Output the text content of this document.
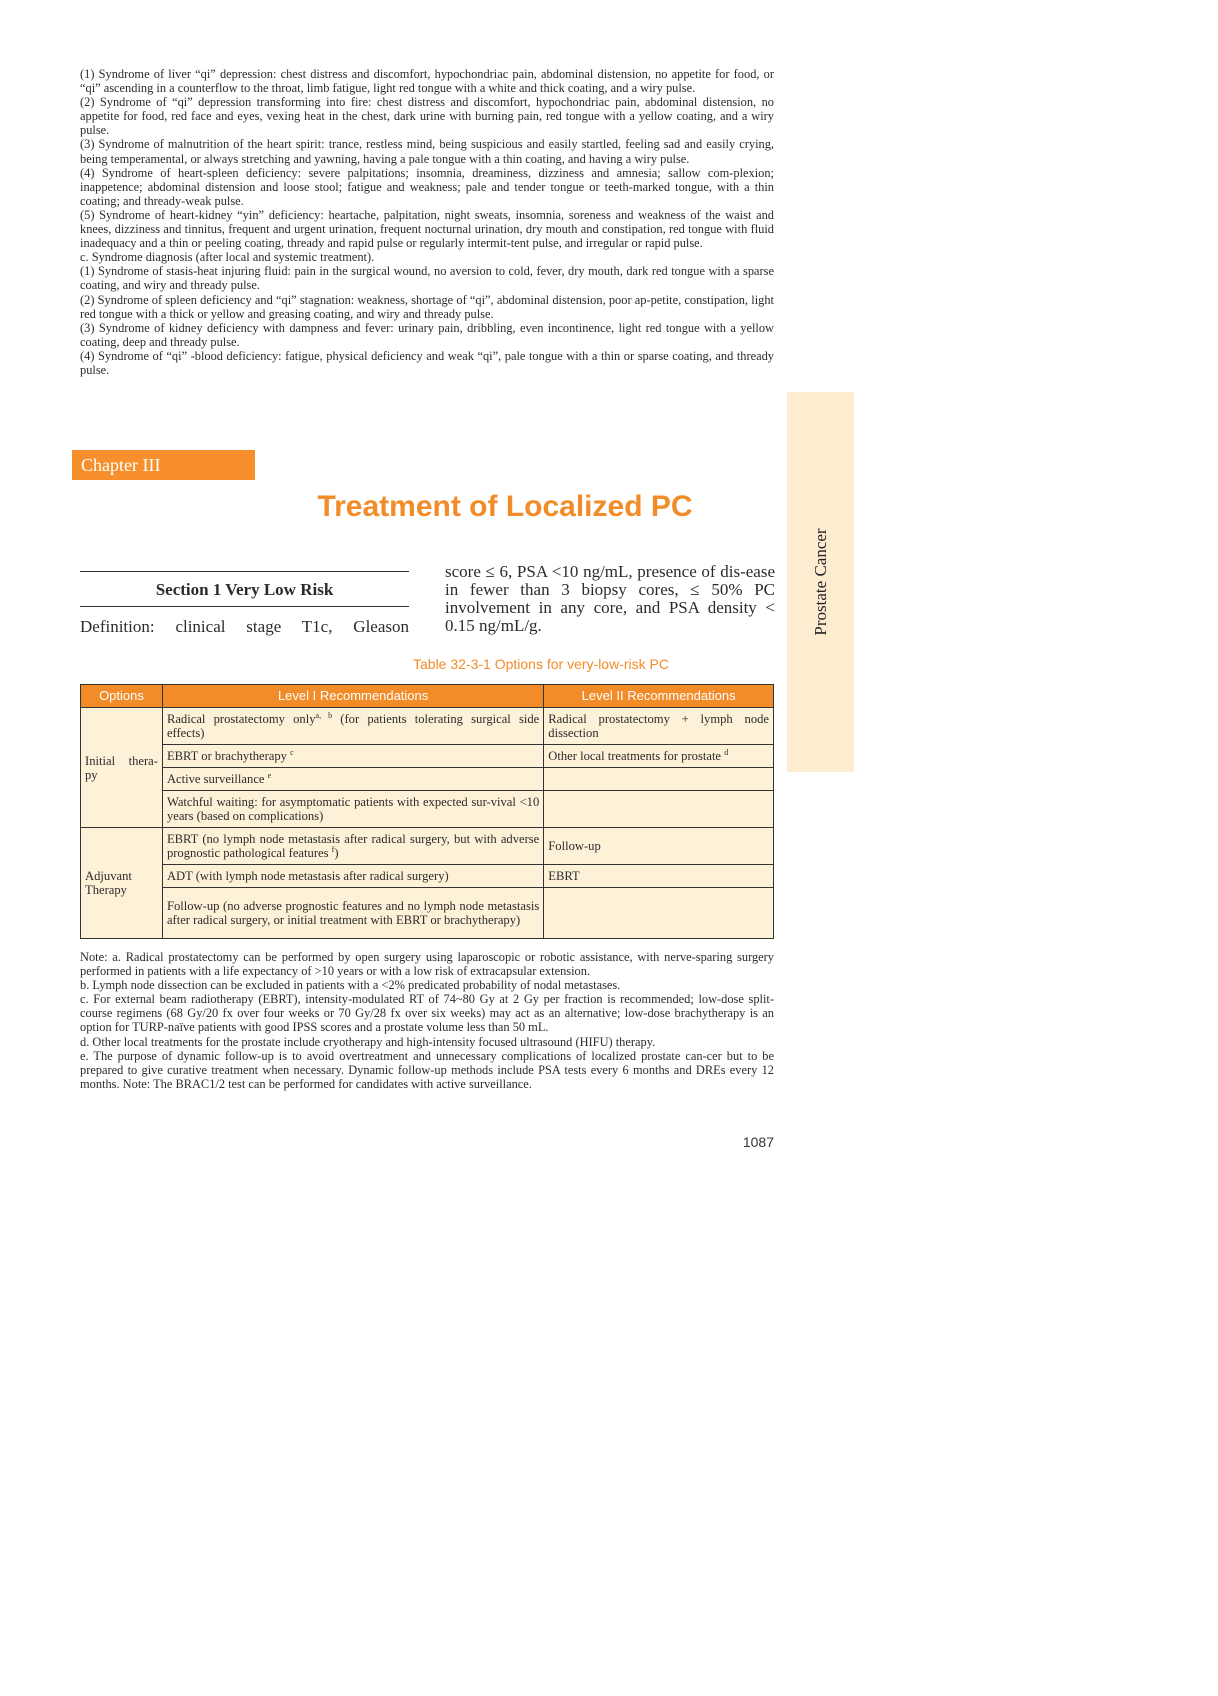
(1) Syndrome of liver “qi” depression: chest distress and discomfort, hypochondriac pain, abdominal distension, no appetite for food, or “qi” ascending in a counterflow to the throat, limb fatigue, light red tongue with a white and thick coating, and a wiry pulse.

(2) Syndrome of “qi” depression transforming into fire: chest distress and discomfort, hypochondriac pain, abdominal distension, no appetite for food, red face and eyes, vexing heat in the chest, dark urine with burning pain, red tongue with a yellow coating, and a wiry pulse.

(3) Syndrome of malnutrition of the heart spirit: trance, restless mind, being suspicious and easily startled, feeling sad and easily crying, being temperamental, or always stretching and yawning, having a pale tongue with a thin coating, and having a wiry pulse.

(4) Syndrome of heart-spleen deficiency: severe palpitations; insomnia, dreaminess, dizziness and amnesia; sallow com-plexion; inappetence; abdominal distension and loose stool; fatigue and weakness; pale and tender tongue or teeth-marked tongue, with a thin coating; and thready-weak pulse.

(5) Syndrome of heart-kidney “yin” deficiency: heartache, palpitation, night sweats, insomnia, soreness and weakness of the waist and knees, dizziness and tinnitus, frequent and urgent urination, frequent nocturnal urination, dry mouth and constipation, red tongue with fluid inadequacy and a thin or peeling coating, thready and rapid pulse or regularly intermit-tent pulse, and irregular or rapid pulse.

c. Syndrome diagnosis (after local and systemic treatment).

(1) Syndrome of stasis-heat injuring fluid: pain in the surgical wound, no aversion to cold, fever, dry mouth, dark red tongue with a sparse coating, and wiry and thready pulse.

(2) Syndrome of spleen deficiency and “qi” stagnation: weakness, shortage of “qi”, abdominal distension, poor ap-petite, constipation, light red tongue with a thick or yellow and greasing coating, and wiry and thready pulse.

(3) Syndrome of kidney deficiency with dampness and fever: urinary pain, dribbling, even incontinence, light red tongue with a yellow coating, deep and thready pulse.

(4) Syndrome of “qi” -blood deficiency: fatigue, physical deficiency and weak “qi”, pale tongue with a thin or sparse coating, and thready pulse.

Chapter III
Treatment of Localized PC
Section 1 Very Low Risk
Definition: clinical stage T1c, Gleason
score ≤ 6, PSA <10 ng/mL, presence of dis-ease in fewer than 3 biopsy cores, ≤ 50% PC involvement in any core, and PSA density < 0.15 ng/mL/g.
Table 32-3-1 Options for very-low-risk PC
Options	Level I Recommendations	Level II Recommendations
Initial thera-py	Radical prostatectomy only$^{a, b}$ (for patients tolerating surgical side effects)	Radical prostatectomy + lymph node dissection
	EBRT or brachytherapy $^c$	Other local treatments for prostate $^d$
	Active surveillance $^e$	
	Watchful waiting: for asymptomatic patients with expected sur-vival <10 years (based on complications)	
Adjuvant Therapy	EBRT (no lymph node metastasis after radical surgery, but with adverse prognostic pathological features $^f$)	Follow-up
	ADT (with lymph node metastasis after radical surgery)	EBRT
	Follow-up (no adverse prognostic features and no lymph node metastasis after radical surgery, or initial treatment with EBRT or brachytherapy)	

Note: a. Radical prostatectomy can be performed by open surgery using laparoscopic or robotic assistance, with nerve-sparing surgery performed in patients with a life expectancy of >10 years or with a low risk of extracapsular extension.

b. Lymph node dissection can be excluded in patients with a <2% predicated probability of nodal metastases.

c. For external beam radiotherapy (EBRT), intensity-modulated RT of 74~80 Gy at 2 Gy per fraction is recommended; low-dose split-course regimens (68 Gy/20 fx over four weeks or 70 Gy/28 fx over six weeks) may act as an alternative; low-dose brachytherapy is an option for TURP-naïve patients with good IPSS scores and a prostate volume less than 50 mL.

d. Other local treatments for the prostate include cryotherapy and high-intensity focused ultrasound (HIFU) therapy.

e. The purpose of dynamic follow-up is to avoid overtreatment and unnecessary complications of localized prostate can-cer but to be prepared to give curative treatment when necessary. Dynamic follow-up methods include PSA tests every 6 months and DREs every 12 months. Note: The BRAC1/2 test can be performed for candidates with active surveillance.

1087
Prostate Cancer
